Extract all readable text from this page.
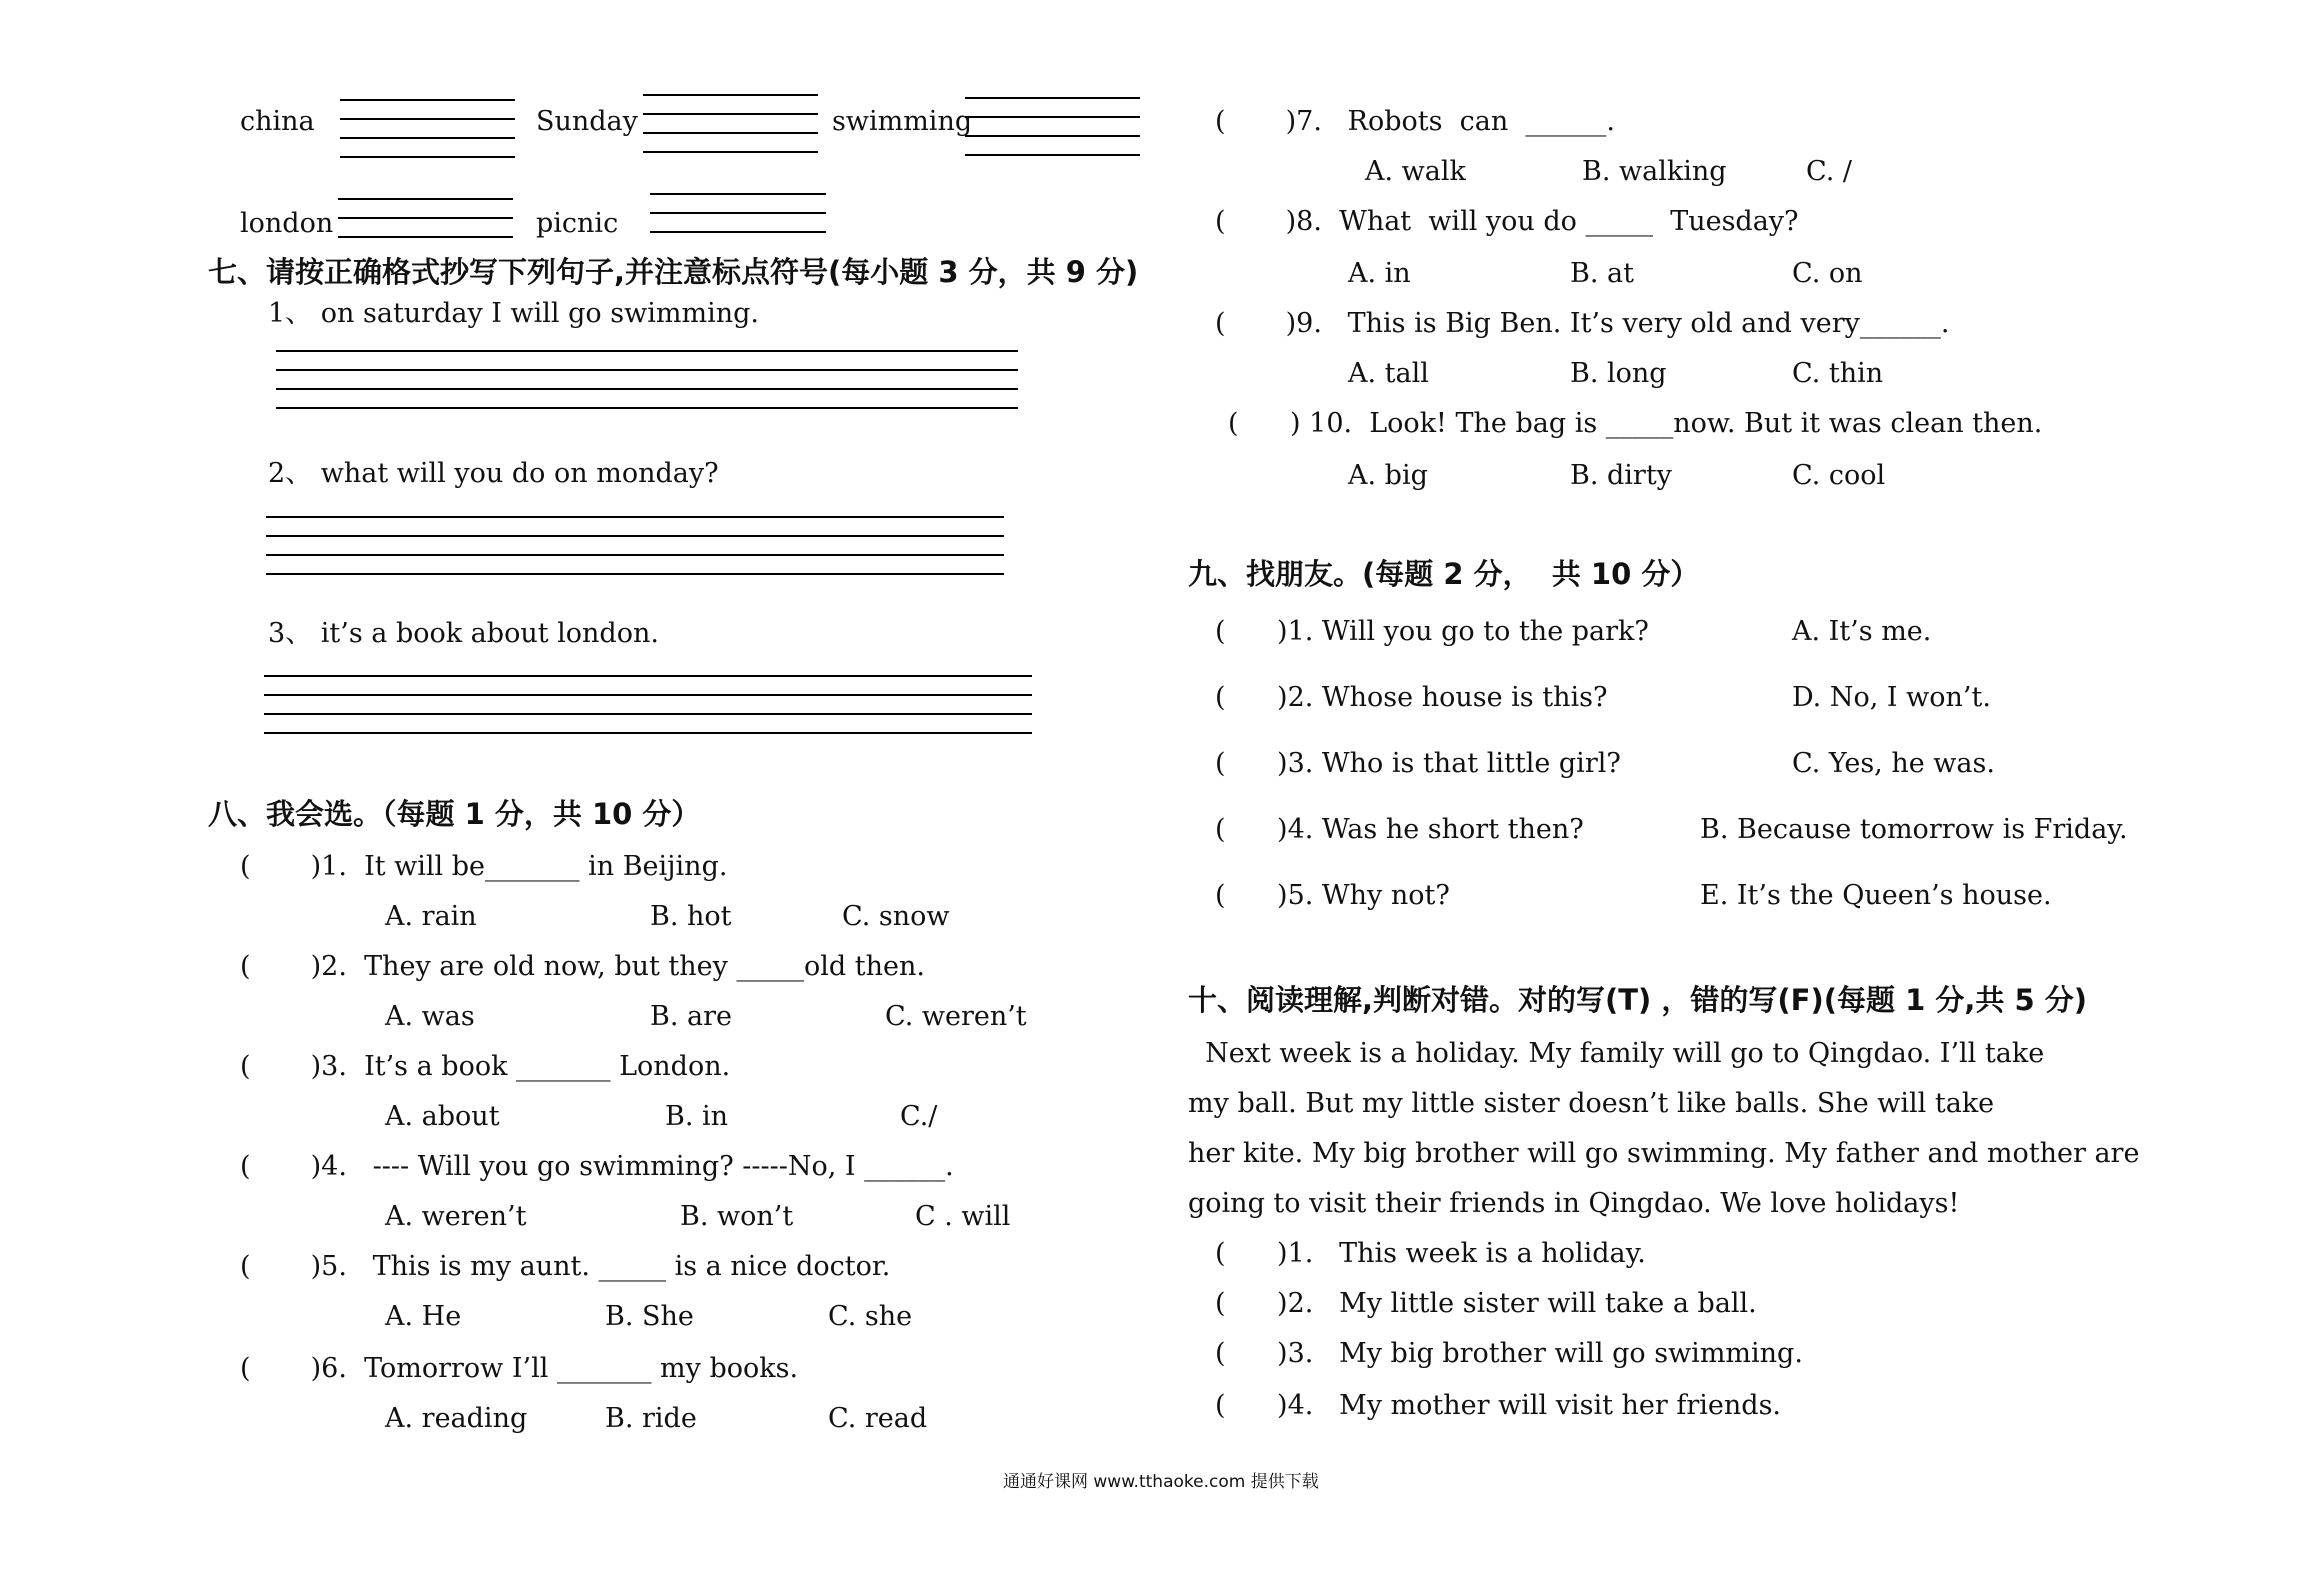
china	Sunday	swimming
london	picnic
七、请按正确格式抄写下列句子,并注意标点符号(每小题 3 分，共 9 分)
1、 on saturday I will go swimming.
2、 what will you do on monday?
3、 it’s a book about london.
八、我会选。（每题 1 分，共 10 分）
(       )1.  It will be_______ in Beijing.
A. rain	B. hot	C. snow
(       )2.  They are old now, but they _____old then.
A. was	B. are	C. weren’t
(       )3.  It’s a book _______ London.
A. about	B. in	C./
(       )4.   ---- Will you go swimming? -----No, I ______.
A. weren’t	B. won’t	C . will
(       )5.   This is my aunt. _____ is a nice doctor.
A. He	B. She	C. she
(       )6.  Tomorrow I’ll _______ my books.
A. reading	B. ride	C. read
(       )7.   Robots  can  ______.
A. walk	B. walking	C. /
(       )8.  What  will you do _____  Tuesday?
A. in	B. at	C. on
(       )9.   This is Big Ben. It’s very old and very______.
A. tall	B. long	C. thin
(      ) 10.  Look! The bag is _____now. But it was clean then.
A. big	B. dirty	C. cool
九、找朋友。(每题 2 分，  共 10 分）
(      )1. Will you go to the park?	A. It’s me.
(      )2. Whose house is this?	D. No, I won’t.
(      )3. Who is that little girl?	C. Yes, he was.
(      )4. Was he short then?	B. Because tomorrow is Friday.
(      )5. Why not?	E. It’s the Queen’s house.
十、阅读理解,判断对错。对的写(T) ，错的写(F)(每题 1 分,共 5 分)
Next week is a holiday. My family will go to Qingdao. I’ll take
my ball. But my little sister doesn’t like balls. She will take
her kite. My big brother will go swimming. My father and mother are
going to visit their friends in Qingdao. We love holidays!
(      )1.   This week is a holiday.
(      )2.   My little sister will take a ball.
(      )3.   My big brother will go swimming.
(      )4.   My mother will visit her friends.
通通好课网 www.tthaoke.com 提供下载
